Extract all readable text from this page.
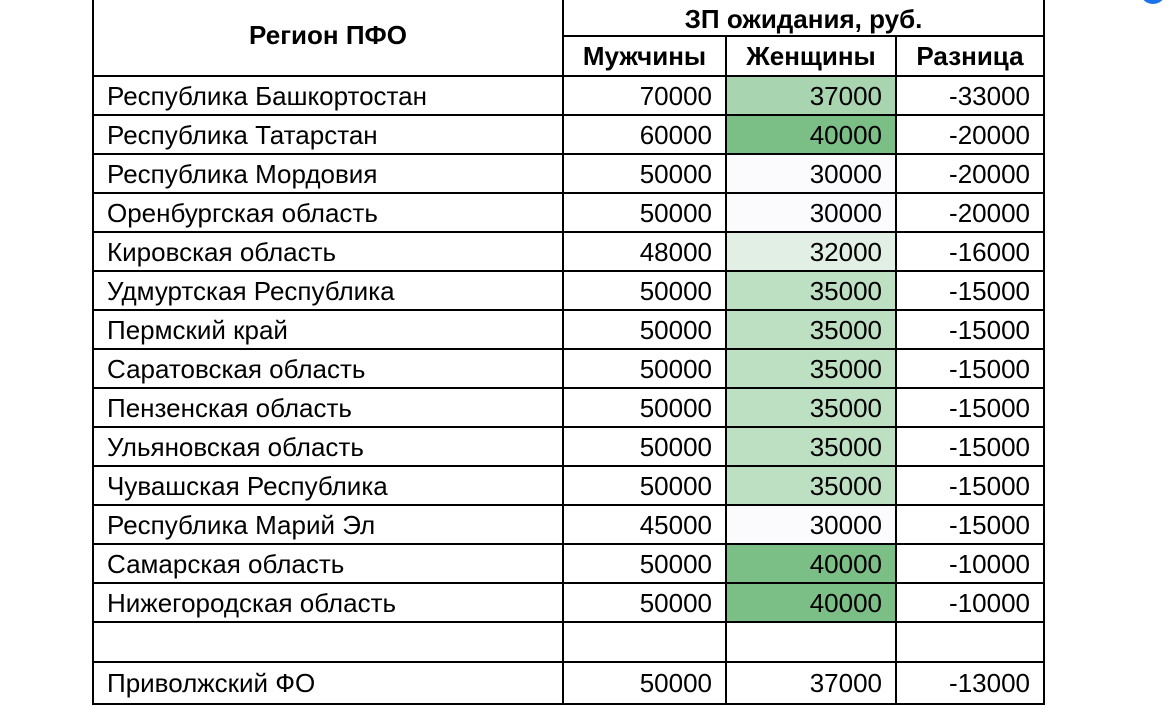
Регион ПФО	ЗП ожидания, руб.		
	Мужчины	Женщины	Разница
Республика Башкортостан	70000	37000	-33000
Республика Татарстан	60000	40000	-20000
Республика Мордовия	50000	30000	-20000
Оренбургская область	50000	30000	-20000
Кировская область	48000	32000	-16000
Удмуртская Республика	50000	35000	-15000
Пермский край	50000	35000	-15000
Саратовская область	50000	35000	-15000
Пензенская область	50000	35000	-15000
Ульяновская область	50000	35000	-15000
Чувашская Республика	50000	35000	-15000
Республика Марий Эл	45000	30000	-15000
Самарская область	50000	40000	-10000
Нижегородская область	50000	40000	-10000

Приволжский ФО	50000	37000	-13000
